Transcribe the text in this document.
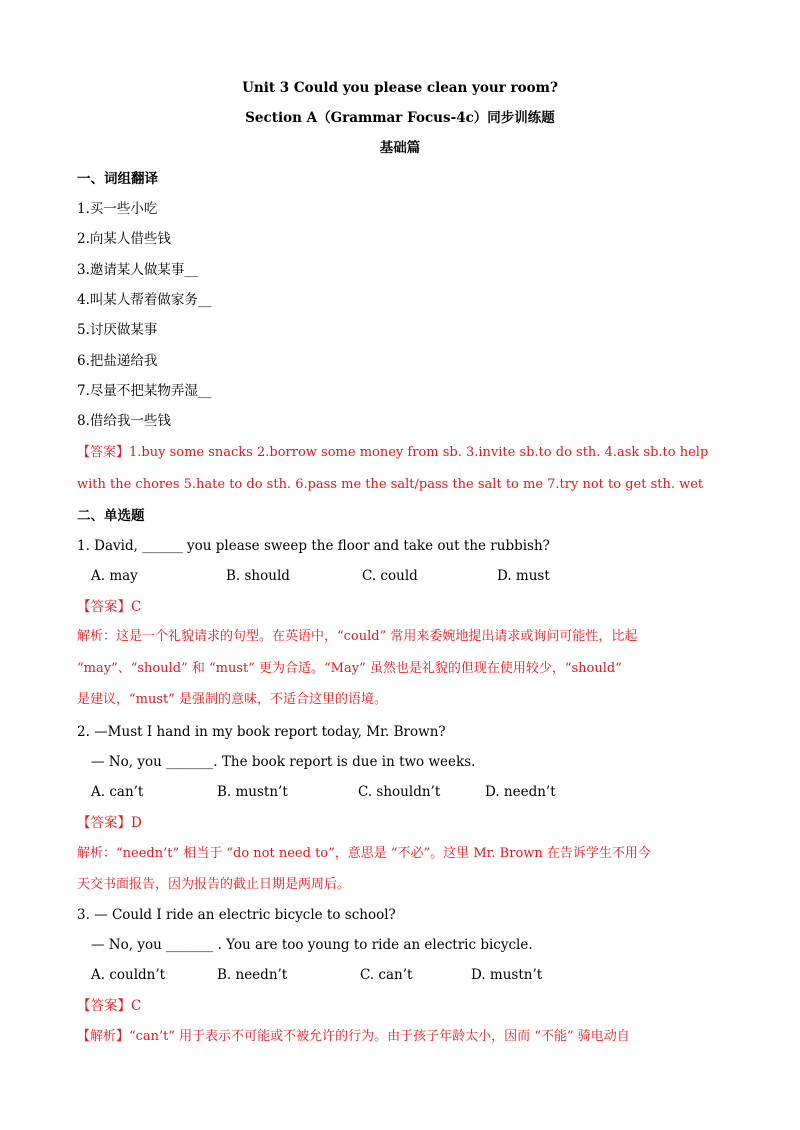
Unit 3 Could you please clean your room?
Section A（Grammar Focus-4c）同步训练题
基础篇
一、词组翻译
1.买一些小吃
2.向某人借些钱
3.邀请某人做某事__
4.叫某人帮着做家务__
5.讨厌做某事
6.把盐递给我
7.尽量不把某物弄湿__
8.借给我一些钱
【答案】1.buy some snacks 2.borrow some money from sb. 3.invite sb.to do sth. 4.ask sb.to help
with the chores 5.hate to do sth. 6.pass me the salt/pass the salt to me 7.try not to get sth. wet
二、单选题
1. David, ______ you please sweep the floor and take out the rubbish?
A. may	B. should	C. could	D. must
【答案】C
解析：这是一个礼貌请求的句型。在英语中，“could” 常用来委婉地提出请求或询问可能性，比起
“may”、“should” 和 “must” 更为合适。“May” 虽然也是礼貌的但现在使用较少，“should”
是建议，“must” 是强制的意味，不适合这里的语境。
2. —Must I hand in my book report today, Mr. Brown?
— No, you _______. The book report is due in two weeks.
A. can’t	B. mustn’t	C. shouldn’t	D. needn’t
【答案】D
解析：“needn’t” 相当于 “do not need to”，意思是 “不必”。这里 Mr. Brown 在告诉学生不用今
天交书面报告，因为报告的截止日期是两周后。
3. — Could I ride an electric bicycle to school?
— No, you _______ . You are too young to ride an electric bicycle.
A. couldn’t	B. needn’t	C. can’t	D. mustn’t
【答案】C
【解析】“can’t” 用于表示不可能或不被允许的行为。由于孩子年龄太小，因而 “不能” 骑电动自
